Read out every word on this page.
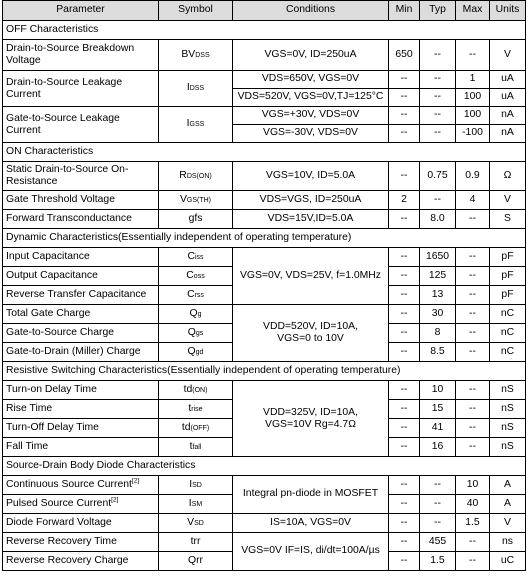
Parameter	Symbol	Conditions	Min	Typ	Max	Units
OFF Characteristics						
Drain-to-Source Breakdown Voltage	BVDSS	VGS=0V, ID=250uA	650	--	--	V
Drain-to-Source Leakage Current	IDSS	VDS=650V, VGS=0V	--	--	1	uA
		VDS=520V, VGS=0V,TJ=125°C	--	--	100	uA
Gate-to-Source Leakage Current	IGSS	VGS=+30V, VDS=0V	--	--	100	nA
		VGS=-30V, VDS=0V	--	--	-100	nA
ON Characteristics						
Static Drain-to-Source On-Resistance	RDS(ON)	VGS=10V, ID=5.0A	--	0.75	0.9	Ω
Gate Threshold Voltage	VGS(TH)	VDS=VGS, ID=250uA	2	--	4	V
Forward Transconductance	gfs	VDS=15V,ID=5.0A	--	8.0	--	S
Dynamic Characteristics(Essentially independent of operating temperature)						
Input Capacitance	Ciss	VGS=0V, VDS=25V, f=1.0MHz	--	1650	--	pF
Output Capacitance	Coss		--	125	--	pF
Reverse Transfer Capacitance	Crss		--	13	--	pF
Total Gate Charge	Qg	VDD=520V, ID=10A, VGS=0 to 10V	--	30	--	nC
Gate-to-Source Charge	Qgs		--	8	--	nC
Gate-to-Drain (Miller) Charge	Qgd		--	8.5	--	nC
Resistive Switching Characteristics(Essentially independent of operating temperature)						
Turn-on Delay Time	td(ON)	VDD=325V, ID=10A, VGS=10V Rg=4.7Ω	--	10	--	nS
Rise Time	trise		--	15	--	nS
Turn-Off Delay Time	td(OFF)		--	41	--	nS
Fall Time	tfall		--	16	--	nS
Source-Drain Body Diode Characteristics						
Continuous Source Current[2]	ISD	Integral pn-diode in MOSFET	--	--	10	A
Pulsed Source Current[2]	ISM		--	--	40	A
Diode Forward Voltage	VSD	IS=10A, VGS=0V	--	--	1.5	V
Reverse Recovery Time	trr	VGS=0V IF=IS, di/dt=100A/µs	--	455	--	ns
Reverse Recovery Charge	Qrr		--	1.5	--	uC
